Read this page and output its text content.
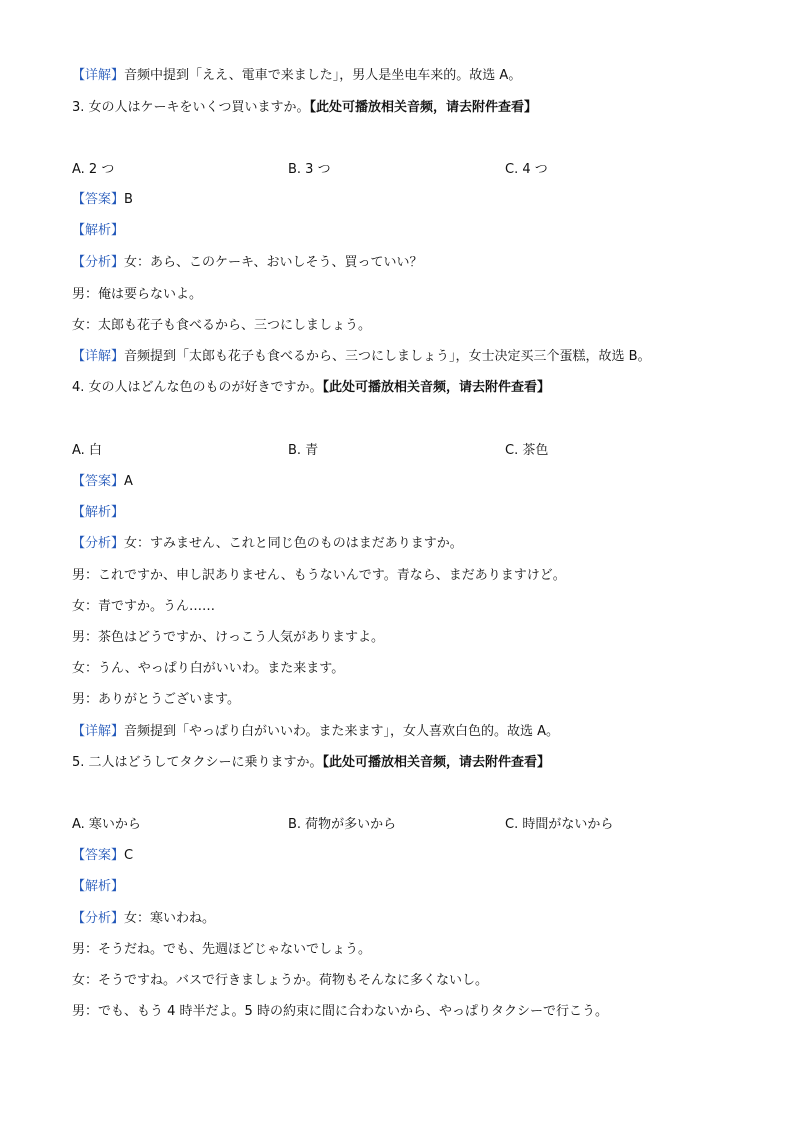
【详解】音频中提到「ええ、電車で来ました」，男人是坐电车来的。故选 A。
3. 女の人はケーキをいくつ買いますか。【此处可播放相关音频，请去附件查看】
A. 2 つ	B. 3 つ	C. 4 つ
【答案】B
【解析】
【分析】女：あら、このケーキ、おいしそう、買っていい？
男：俺は要らないよ。
女：太郎も花子も食べるから、三つにしましょう。
【详解】音频提到「太郎も花子も食べるから、三つにしましょう」，女士决定买三个蛋糕，故选 B。
4. 女の人はどんな色のものが好きですか。【此处可播放相关音频，请去附件查看】
A. 白	B. 青	C. 茶色
【答案】A
【解析】
【分析】女：すみません、これと同じ色のものはまだありますか。
男：これですか、申し訳ありません、もうないんです。青なら、まだありますけど。
女：青ですか。うん……
男：茶色はどうですか、けっこう人気がありますよ。
女：うん、やっぱり白がいいわ。また来ます。
男：ありがとうございます。
【详解】音频提到「やっぱり白がいいわ。また来ます」，女人喜欢白色的。故选 A。
5. 二人はどうしてタクシーに乗りますか。【此处可播放相关音频，请去附件查看】
A. 寒いから	B. 荷物が多いから	C. 時間がないから
【答案】C
【解析】
【分析】女：寒いわね。
男：そうだね。でも、先週ほどじゃないでしょう。
女：そうですね。バスで行きましょうか。荷物もそんなに多くないし。
男：でも、もう 4 時半だよ。5 時の約束に間に合わないから、やっぱりタクシーで行こう。
